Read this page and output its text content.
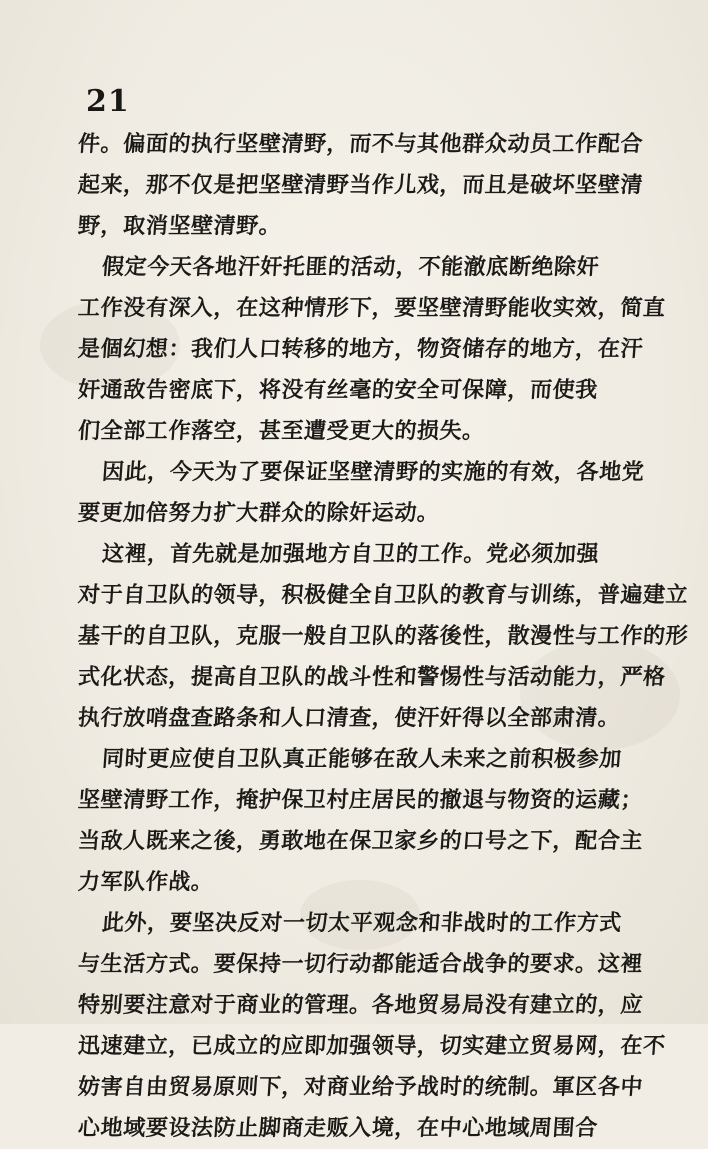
21
件。偏面的执行坚壁清野，而不与其他群众动员工作配合
起来，那不仅是把坚壁清野当作儿戏，而且是破坏坚壁清
野，取消坚壁清野。
假定今天各地汗奸托匪的活动，不能澈底断绝除奸
工作没有深入，在这种情形下，要坚壁清野能收实效，简直
是個幻想：我们人口转移的地方，物资储存的地方，在汗
奸通敌告密底下，将没有丝毫的安全可保障，而使我
们全部工作落空，甚至遭受更大的损失。
因此，今天为了要保证坚壁清野的实施的有效，各地党
要更加倍努力扩大群众的除奸运动。
这裡，首先就是加强地方自卫的工作。党必须加强
对于自卫队的领导，积极健全自卫队的教育与训练，普遍建立
基干的自卫队，克服一般自卫队的落後性，散漫性与工作的形
式化状态，提高自卫队的战斗性和警惕性与活动能力，严格
执行放哨盘查路条和人口清查，使汗奸得以全部肃清。
同时更应使自卫队真正能够在敌人未来之前积极参加
坚壁清野工作，掩护保卫村庄居民的撤退与物资的运藏；
当敌人既来之後，勇敢地在保卫家乡的口号之下，配合主
力军队作战。
此外，要坚决反对一切太平观念和非战时的工作方式
与生活方式。要保持一切行动都能适合战争的要求。这裡
特别要注意对于商业的管理。各地贸易局没有建立的，应
迅速建立，已成立的应即加强领导，切实建立贸易网，在不
妨害自由贸易原则下，对商业给予战时的统制。軍区各中
心地域要设法防止脚商走贩入境，在中心地域周围合
